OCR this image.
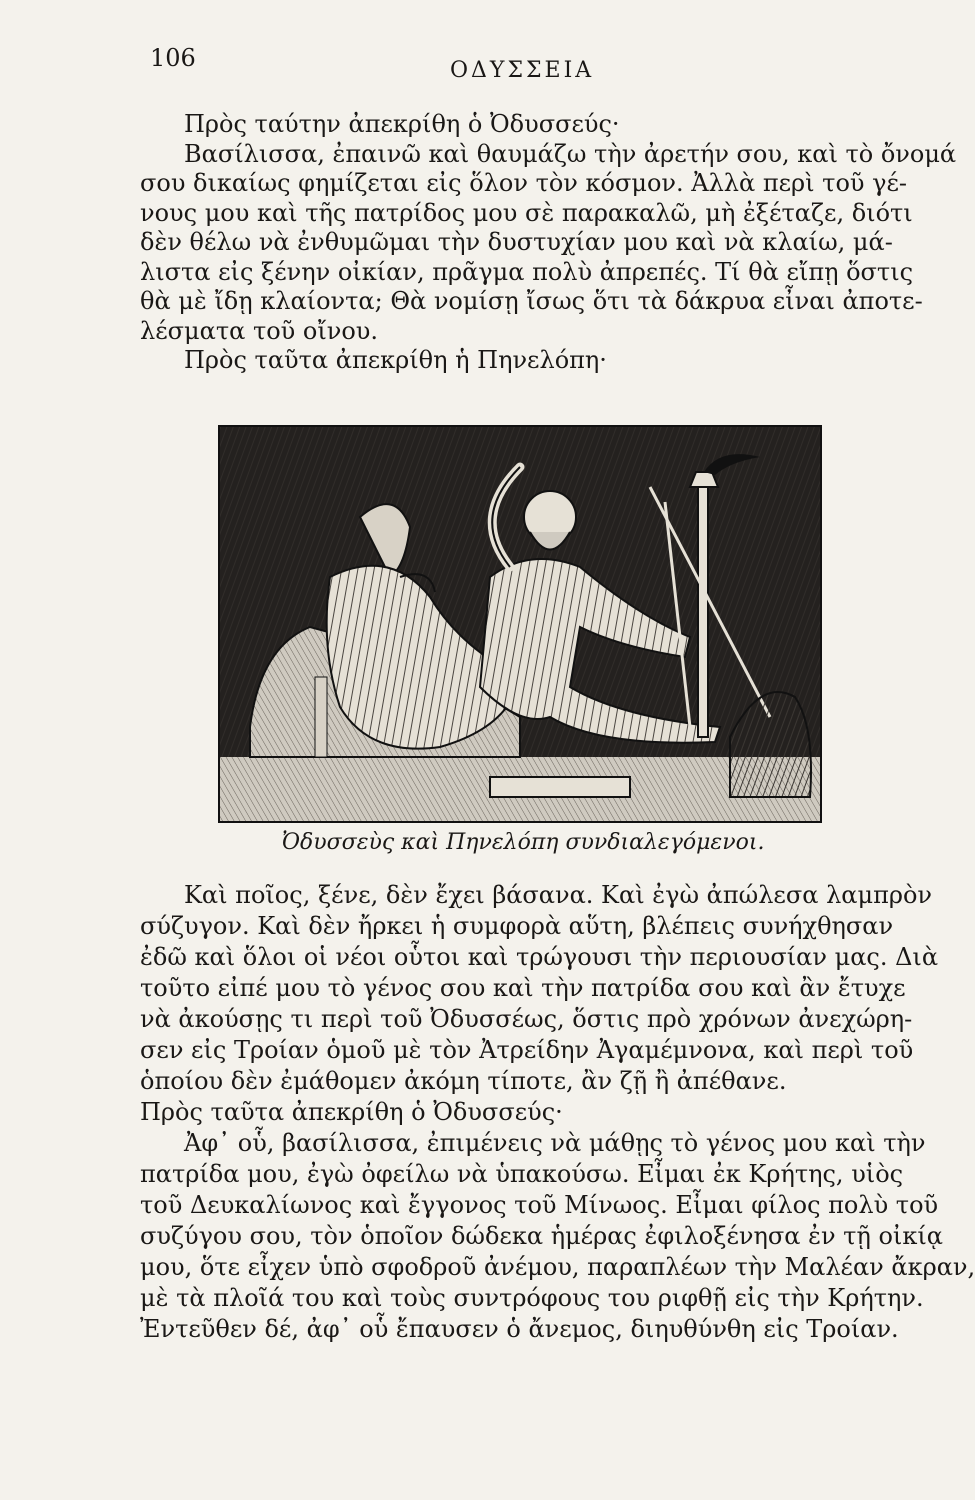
106	ΟΔΥΣΣΕΙΑ
Πρὸς ταύτην ἀπεκρίθη ὁ Ὀδυσσεύς·
Βασίλισσα, ἐπαινῶ καὶ θαυμάζω τὴν ἀρετήν σου, καὶ τὸ ὄνομά
σου δικαίως φημίζεται εἰς ὅλον τὸν κόσμον. Ἀλλὰ περὶ τοῦ γέ-
νους μου καὶ τῆς πατρίδος μου σὲ παρακαλῶ, μὴ ἐξέταζε, διότι
δὲν θέλω νὰ ἐνθυμῶμαι τὴν δυστυχίαν μου καὶ νὰ κλαίω, μά-
λιστα εἰς ξένην οἰκίαν, πρᾶγμα πολὺ ἀπρεπές. Τί θὰ εἴπῃ ὅστις
θὰ μὲ ἴδῃ κλαίοντα; Θὰ νομίσῃ ἴσως ὅτι τὰ δάκρυα εἶναι ἀποτε-
λέσματα τοῦ οἴνου.
Πρὸς ταῦτα ἀπεκρίθη ἡ Πηνελόπη·
Ὀδυσσεὺς καὶ Πηνελόπη συνδιαλεγόμενοι.
Καὶ ποῖος, ξένε, δὲν ἔχει βάσανα. Καὶ ἐγὼ ἀπώλεσα λαμπρὸν
σύζυγον. Καὶ δὲν ἤρκει ἡ συμφορὰ αὕτη, βλέπεις συνήχθησαν
ἐδῶ καὶ ὅλοι οἱ νέοι οὗτοι καὶ τρώγουσι τὴν περιουσίαν μας. Διὰ
τοῦτο εἰπέ μου τὸ γένος σου καὶ τὴν πατρίδα σου καὶ ἂν ἔτυχε
νὰ ἀκούσῃς τι περὶ τοῦ Ὀδυσσέως, ὅστις πρὸ χρόνων ἀνεχώρη-
σεν εἰς Τροίαν ὁμοῦ μὲ τὸν Ἀτρείδην Ἀγαμέμνονα, καὶ περὶ τοῦ
ὁποίου δὲν ἐμάθομεν ἀκόμη τίποτε, ἂν ζῇ ἢ ἀπέθανε.
Πρὸς ταῦτα ἀπεκρίθη ὁ Ὀδυσσεύς·
Ἀφ᾽ οὗ, βασίλισσα, ἐπιμένεις νὰ μάθῃς τὸ γένος μου καὶ τὴν
πατρίδα μου, ἐγὼ ὀφείλω νὰ ὑπακούσω. Εἶμαι ἐκ Κρήτης, υἱὸς
τοῦ Δευκαλίωνος καὶ ἔγγονος τοῦ Μίνωος. Εἶμαι φίλος πολὺ τοῦ
συζύγου σου, τὸν ὁποῖον δώδεκα ἡμέρας ἐφιλοξένησα ἐν τῇ οἰκίᾳ
μου, ὅτε εἶχεν ὑπὸ σφοδροῦ ἀνέμου, παραπλέων τὴν Μαλέαν ἄκραν,
μὲ τὰ πλοῖά του καὶ τοὺς συντρόφους του ριφθῇ εἰς τὴν Κρήτην.
Ἐντεῦθεν δέ, ἀφ᾽ οὗ ἔπαυσεν ὁ ἄνεμος, διηυθύνθη εἰς Τροίαν.
